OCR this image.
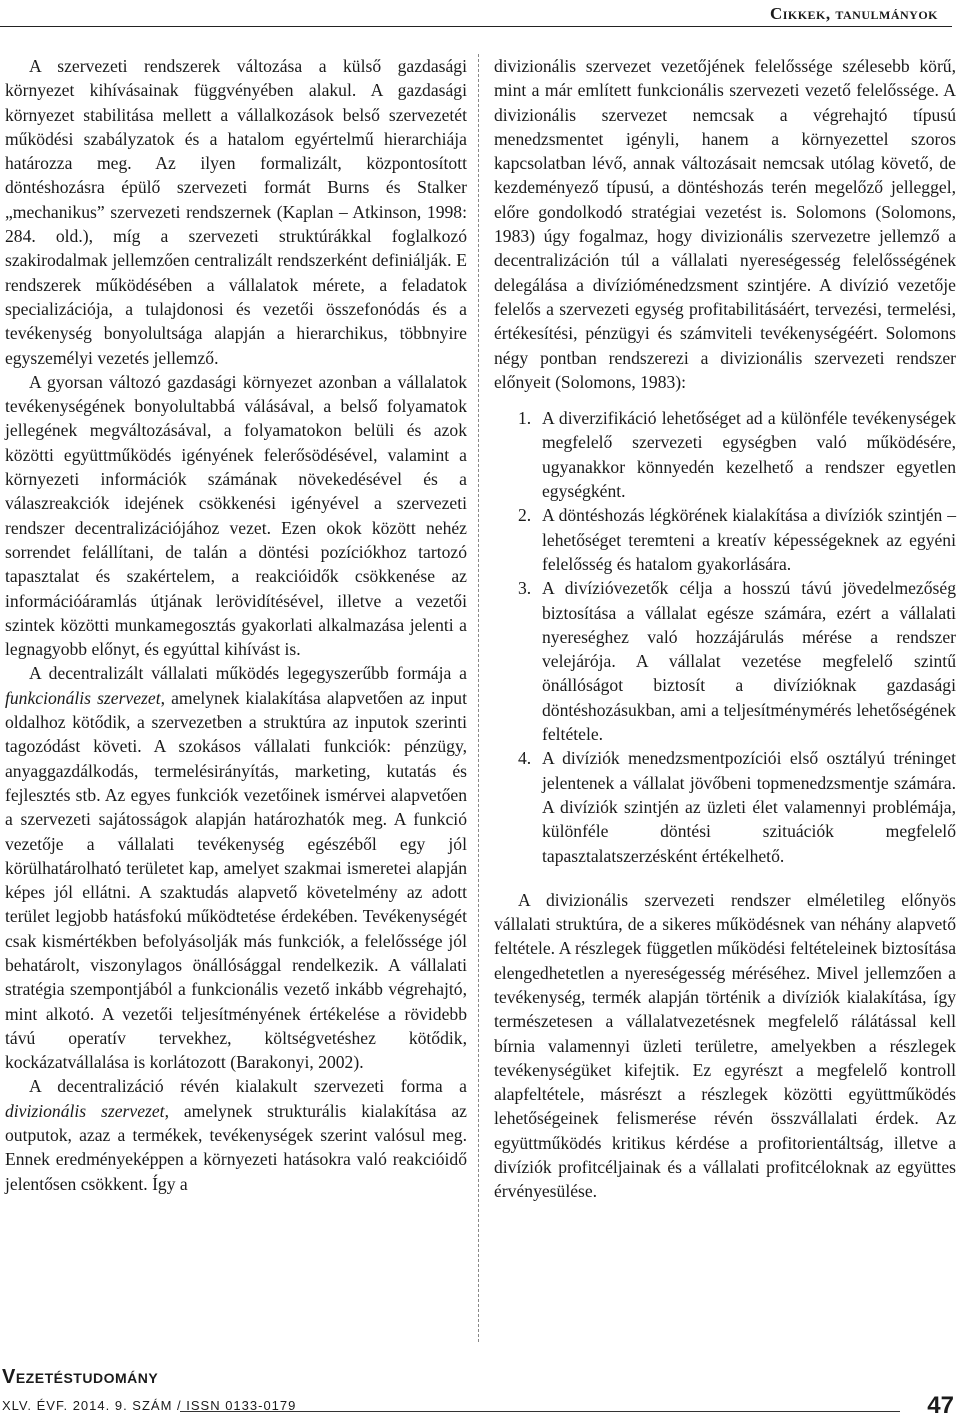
Cikkek, tanulmányok

A szervezeti rendszerek változása a külső gazdasági környezet kihívásainak függvényében alakul. A gazdasági környezet stabilitása mellett a vállalkozások belső szervezetét működési szabályzatok és a hatalom egyértelmű hierarchiája határozza meg. Az ilyen formalizált, központosított döntéshozásra épülő szervezeti formát Burns és Stalker „mechanikus” szervezeti rendszernek (Kaplan – Atkinson, 1998: 284. old.), míg a szervezeti struktúrákkal foglalkozó szakirodalmak jellemzően centralizált rendszerként definiálják. E rendszerek működésében a vállalatok mérete, a feladatok specializációja, a tulajdonosi és vezetői összefonódás és a tevékenység bonyolultsága alapján a hierarchikus, többnyire egyszemélyi vezetés jellemző.

A gyorsan változó gazdasági környezet azonban a vállalatok tevékenységének bonyolultabbá válásával, a belső folyamatok jellegének megváltozásával, a folyamatokon belüli és azok közötti együttműködés igényének felerősödésével, valamint a környezeti információk számának növekedésével és a válaszreakciók idejének csökkenési igényével a szervezeti rendszer decentralizációjához vezet. Ezen okok között nehéz sorrendet felállítani, de talán a döntési pozíciókhoz tartozó tapasztalat és szakértelem, a reakcióidők csökkenése az információáramlás útjának lerövidítésével, illetve a vezetői szintek közötti munkamegosztás gyakorlati alkalmazása jelenti a legnagyobb előnyt, és egyúttal kihívást is.

A decentralizált vállalati működés legegyszerűbb formája a funkcionális szervezet, amelynek kialakítása alapvetően az input oldalhoz kötődik, a szervezetben a struktúra az inputok szerinti tagozódást követi. A szokásos vállalati funkciók: pénzügy, anyaggazdálkodás, termelésirányítás, marketing, kutatás és fejlesztés stb. Az egyes funkciók vezetőinek ismérvei alapvetően a szervezeti sajátosságok alapján határozhatók meg. A funkció vezetője a vállalati tevékenység egészéből egy jól körülhatárolható területet kap, amelyet szakmai ismeretei alapján képes jól ellátni. A szaktudás alapvető követelmény az adott terület legjobb hatásfokú működtetése érdekében. Tevékenységét csak kismértékben befolyásolják más funkciók, a felelőssége jól behatárolt, viszonylagos önállósággal rendelkezik. A vállalati stratégia szempontjából a funkcionális vezető inkább végrehajtó, mint alkotó. A vezetői teljesítményének értékelése a rövidebb távú operatív tervekhez, költségvetéshez kötődik, kockázatvállalása is korlátozott (Barakonyi, 2002).

A decentralizáció révén kialakult szervezeti forma a divizionális szervezet, amelynek strukturális kialakítása az outputok, azaz a termékek, tevékenységek szerint valósul meg. Ennek eredményeképpen a környezeti hatásokra való reakcióidő jelentősen csökkent. Így a

divizionális szervezet vezetőjének felelőssége szélesebb körű, mint a már említett funkcionális szervezeti vezető felelőssége. A divizionális szervezet nemcsak a végrehajtó típusú menedzsmentet igényli, hanem a környezettel szoros kapcsolatban lévő, annak változásait nemcsak utólag követő, de kezdeményező típusú, a döntéshozás terén megelőző jelleggel, előre gondolkodó stratégiai vezetést is. Solomons (Solomons, 1983) úgy fogalmaz, hogy divizionális szervezetre jellemző a decentralizáción túl a vállalati nyereségesség felelősségének delegálása a divízióménedzsment szintjére. A divízió vezetője felelős a szervezeti egység profitabilitásáért, tervezési, termelési, értékesítési, pénzügyi és számviteli tevékenységéért. Solomons négy pontban rendszerezi a divizionális szervezeti rendszer előnyeit (Solomons, 1983):

1. A diverzifikáció lehetőséget ad a különféle tevékenységek megfelelő szervezeti egységben való működésére, ugyanakkor könnyedén kezelhető a rendszer egyetlen egységként.
2. A döntéshozás légkörének kialakítása a divíziók szintjén – lehetőséget teremteni a kreatív képességeknek az egyéni felelősség és hatalom gyakorlására.
3. A divízióvezetők célja a hosszú távú jövedelmezőség biztosítása a vállalat egésze számára, ezért a vállalati nyereséghez való hozzájárulás mérése a rendszer velejárója. A vállalat vezetése megfelelő szintű önállóságot biztosít a divízióknak gazdasági döntéshozásukban, ami a teljesítménymérés lehetőségének feltétele.
4. A divíziók menedzsmentpozíciói első osztályú tréninget jelentenek a vállalat jövőbeni topmenedzsmentje számára. A divíziók szintjén az üzleti élet valamennyi problémája, különféle döntési szituációk megfelelő tapasztalatszerzésként értékelhető.

A divizionális szervezeti rendszer elméletileg előnyös vállalati struktúra, de a sikeres működésnek van néhány alapvető feltétele. A részlegek független működési feltételeinek biztosítása elengedhetetlen a nyereségesség méréséhez. Mivel jellemzően a tevékenység, termék alapján történik a divíziók kialakítása, így természetesen a vállalatvezetésnek megfelelő rálátással kell bírnia valamennyi üzleti területre, amelyekben a részlegek tevékenységüket kifejtik. Ez egyrészt a megfelelő kontroll alapfeltétele, másrészt a részlegek közötti együttműködés lehetőségeinek felismerése révén összvállalati érdek. Az együttműködés kritikus kérdése a profitorientáltság, illetve a divíziók profitcéljainak és a vállalati profitcéloknak az együttes érvényesülése.

Vezetéstudomány
XLV. ÉVF. 2014. 9. SZÁM / ISSN 0133-0179	47
